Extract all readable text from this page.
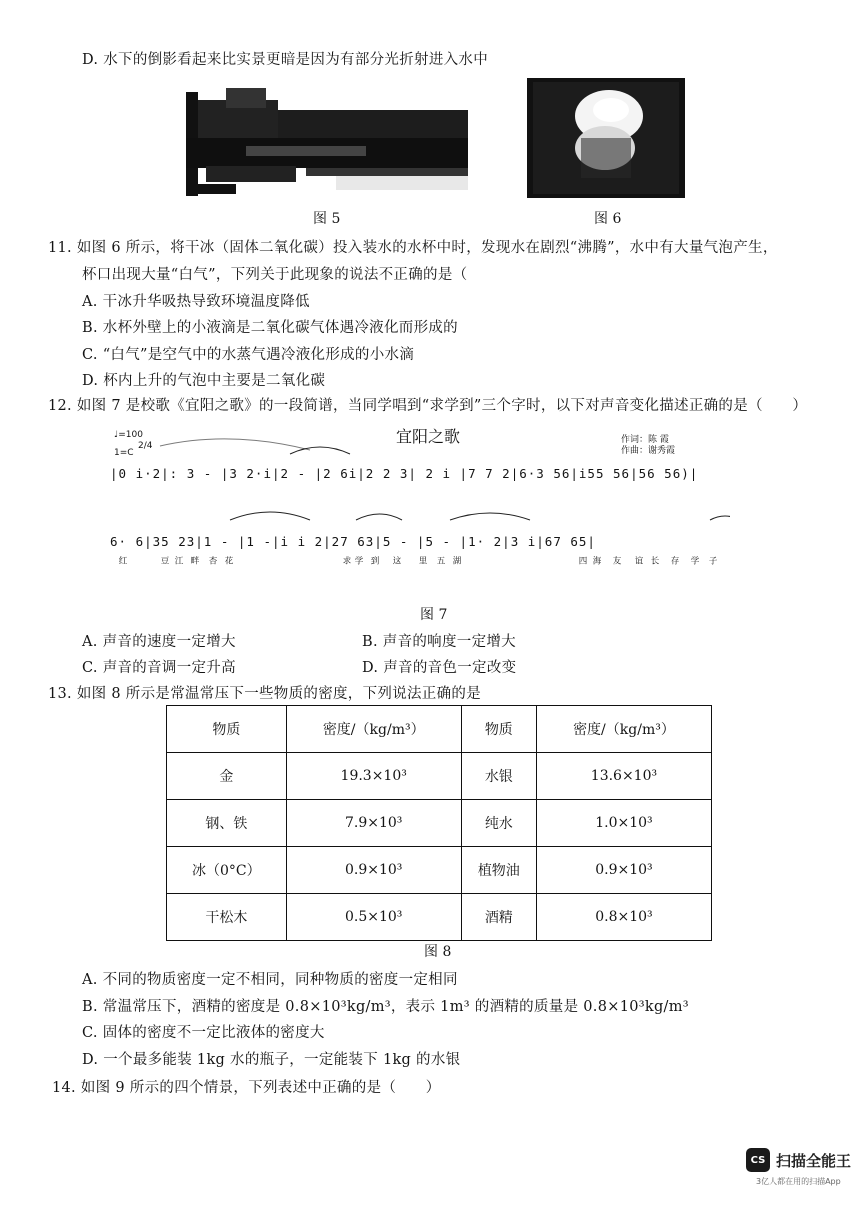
D. 水下的倒影看起来比实景更暗是因为有部分光折射进入水中
图 5	图 6
11. 如图 6 所示，将干冰（固体二氧化碳）投入装水的水杯中时，发现水在剧烈“沸腾”，水中有大量气泡产生，
杯口出现大量“白气”，下列关于此现象的说法不正确的是（
A. 干冰升华吸热导致环境温度降低
B. 水杯外壁上的小液滴是二氧化碳气体遇冷液化而形成的
C. “白气”是空气中的水蒸气遇冷液化形成的小水滴
D. 杯内上升的气泡中主要是二氧化碳
12. 如图 7 是校歌《宜阳之歌》的一段简谱，当同学唱到“求学到”三个字时，以下对声音变化描述正确的是（　　）
♩=100
1=C
2/4	宜阳之歌	作词：陈 霞
作曲：谢秀霞
|0 i·2|: 3 - |3 2·i|2 - |2 6i|2 2 3| 2 i |7 7 2|6·3 56|i55 56|56 56)|
6· 6|35 23|1 - |1 -|i i 2|27 63|5 - |5 - |1· 2|3 i|67 65|
红	豆 江 畔 杏 花	求 学 到 这 里 五 湖	四 海 友 谊 长 存 学 子
图 7
A. 声音的速度一定增大	B. 声音的响度一定增大
C. 声音的音调一定升高	D. 声音的音色一定改变
13. 如图 8 所示是常温常压下一些物质的密度，下列说法正确的是
物质	密度/（kg/m³）	物质	密度/（kg/m³）
金	19.3×10³	水银	13.6×10³
钢、铁	7.9×10³	纯水	1.0×10³
冰（0°C）	0.9×10³	植物油	0.9×10³
干松木	0.5×10³	酒精	0.8×10³
图 8
A. 不同的物质密度一定不相同，同种物质的密度一定相同
B. 常温常压下，酒精的密度是 0.8×10³kg/m³，表示 1m³ 的酒精的质量是 0.8×10³kg/m³
C. 固体的密度不一定比液体的密度大
D. 一个最多能装 1kg 水的瓶子，一定能装下 1kg 的水银
14. 如图 9 所示的四个情景，下列表述中正确的是（　　）
CS 扫描全能王
3亿人都在用的扫描App
